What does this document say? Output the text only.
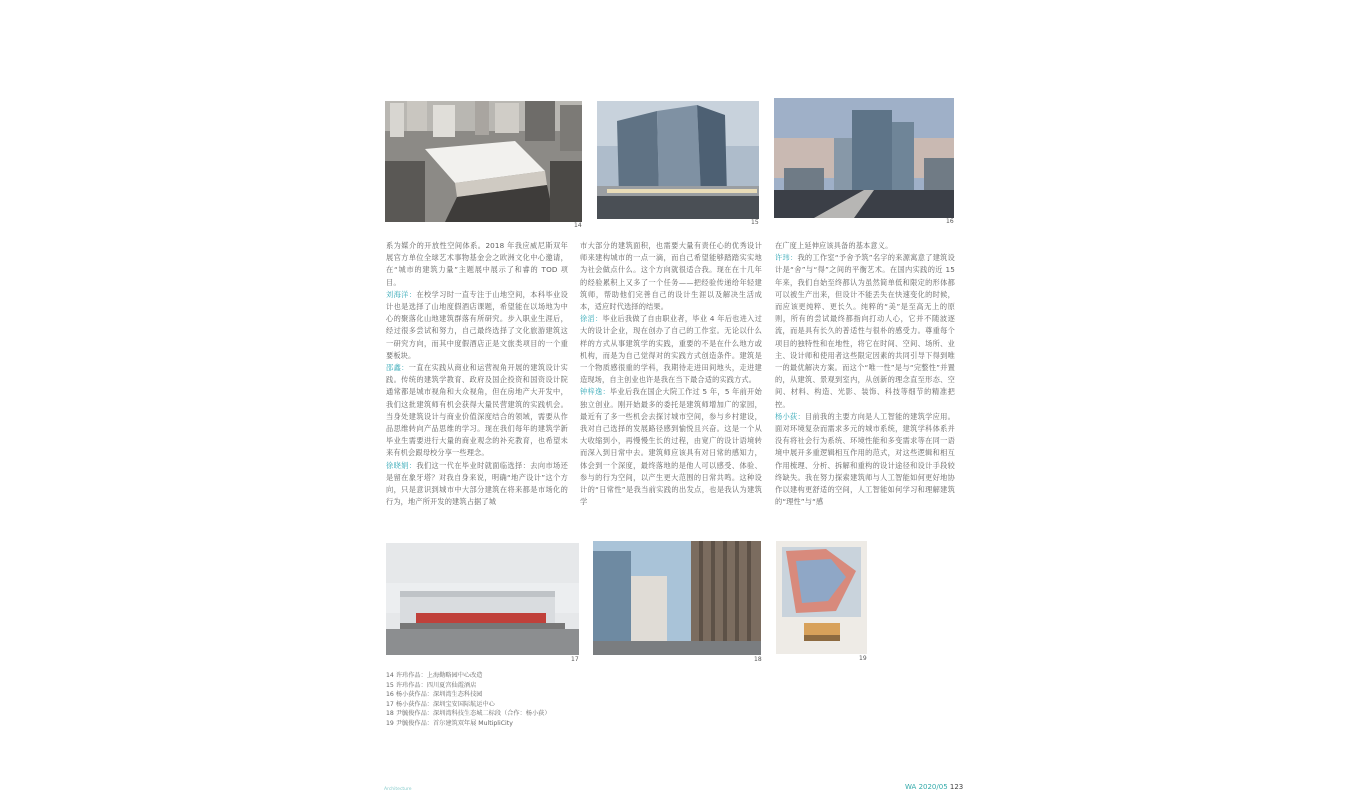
14	15	16

系为媒介的开放性空间体系。2018 年我应威尼斯双年展官方单位全球艺术事物基金会之欧洲文化中心邀请，在“城市的建筑力量”主题展中展示了和睿的 TOD 项目。

刘海洋：在校学习时一直专注于山地空间，本科毕业设计也是选择了山地度假酒店课题，希望能在以场地为中心的聚落化山地建筑群落有所研究。步入职业生涯后，经过很多尝试和努力，自己最终选择了文化旅游建筑这一研究方向，而其中度假酒店正是文旅类项目的一个重要板块。

邵鑫：一直在实践从商业和运营视角开展的建筑设计实践。传统的建筑学教育、政府及国企投资和国资设计院通常都是城市视角和大众视角，但在房地产大开发中，我们这批建筑师有机会获得大量民营建筑的实践机会。当身处建筑设计与商业价值深度结合的领域，需要从作品思维转向产品思维的学习。现在我们每年的建筑学新毕业生需要进行大量的商业观念的补充教育，也希望未来有机会跟母校分享一些理念。

徐晓娟：我们这一代在毕业时就面临选择：去向市场还是留在象牙塔？对我自身来说，明确“地产设计”这个方向，只是意识到城市中大部分建筑在将来都是市场化的行为，地产所开发的建筑占据了城

市大部分的建筑面积，也需要大量有责任心的优秀设计师来建构城市的一点一滴，而自己希望能够踏踏实实地为社会做点什么。这个方向就很适合我。现在在十几年的经验累积上又多了一个任务——把经验传递给年轻建筑师，帮助他们完善自己的设计生涯以及解决生活成本，适应时代选择的结果。

徐滔：毕业后我做了自由职业者，毕业 4 年后也进入过大的设计企业，现在创办了自己的工作室。无论以什么样的方式从事建筑学的实践，重要的不是在什么地方或机构，而是为自己觉得对的实践方式创造条件。建筑是一个物质感很重的学科，我期待走进田间地头，走进建造现场，自主创业也许是我在当下最合适的实践方式。

钟梓逸：毕业后我在国企大院工作过 5 年，5 年前开始独立创业。刚开始最多的委托是建筑师增加广的家园，最近有了多一些机会去探讨城市空间，参与乡村建设，我对自己选择的发展路径感到愉悦且兴奋。这是一个从大收缩到小，再慢慢生长的过程，由宽广的设计语境转而深入到日常中去。建筑师应该具有对日常的感知力，体会到一个深度，最终落地的是他人可以感受、体验、参与的行为空间，以产生更大范围的日常共鸣。这种设计的“日常性”是我当前实践的出发点，也是我认为建筑学

在广度上延伸应该具备的基本意义。

许玮：我的工作室“予舍予筑”名字的来源寓意了建筑设计是“舍”与“得”之间的平衡艺术。在国内实践的近 15 年来，我们自始至终都认为虽然简单低和限定的形体都可以被生产出来，但设计不能丢失在快速变化的时候，而应该更纯粹、更长久。纯粹的“美”是至高无上的原则，所有的尝试最终都指向打动人心，它并不随波逐流，而是具有长久的普适性与很朴的感受力。尊重每个项目的独特性和在地性，将它在时间、空间、场所、业主、设计师和使用者这些限定因素的共同引导下得到唯一的最优解决方案。而这个“唯一性”是与“完整性”并置的，从建筑、景观到室内，从创新的理念直至形态、空间、材料、构造、光影、装饰、科技等细节的精准把控。

杨小荻：目前我的主要方向是人工智能的建筑学应用。面对环境复杂而需求多元的城市系统，建筑学科体系并没有将社会行为系统、环境性能和多变需求等在同一语境中展开多重逻辑相互作用的范式，对这些逻辑和相互作用梳理、分析、拆解和重构的设计途径和设计手段较终缺失。我在努力探索建筑师与人工智能如何更好地协作以建构更舒适的空间，人工智能如何学习和理解建筑的“理性”与“感

17	18	19
14 许玮作品：上海勤略园中心改造
15 许玮作品：四川夏宫仙霞酒店
16 杨小荻作品：深圳湾生态科技园
17 杨小荻作品：深圳宝安国际航运中心
18 尹毓俊作品：深圳湾科技生态城二标段（合作：杨小荻）
19 尹毓俊作品：首尔建筑双年展 MultipliCity
Architecture	WA 2020/05 123
